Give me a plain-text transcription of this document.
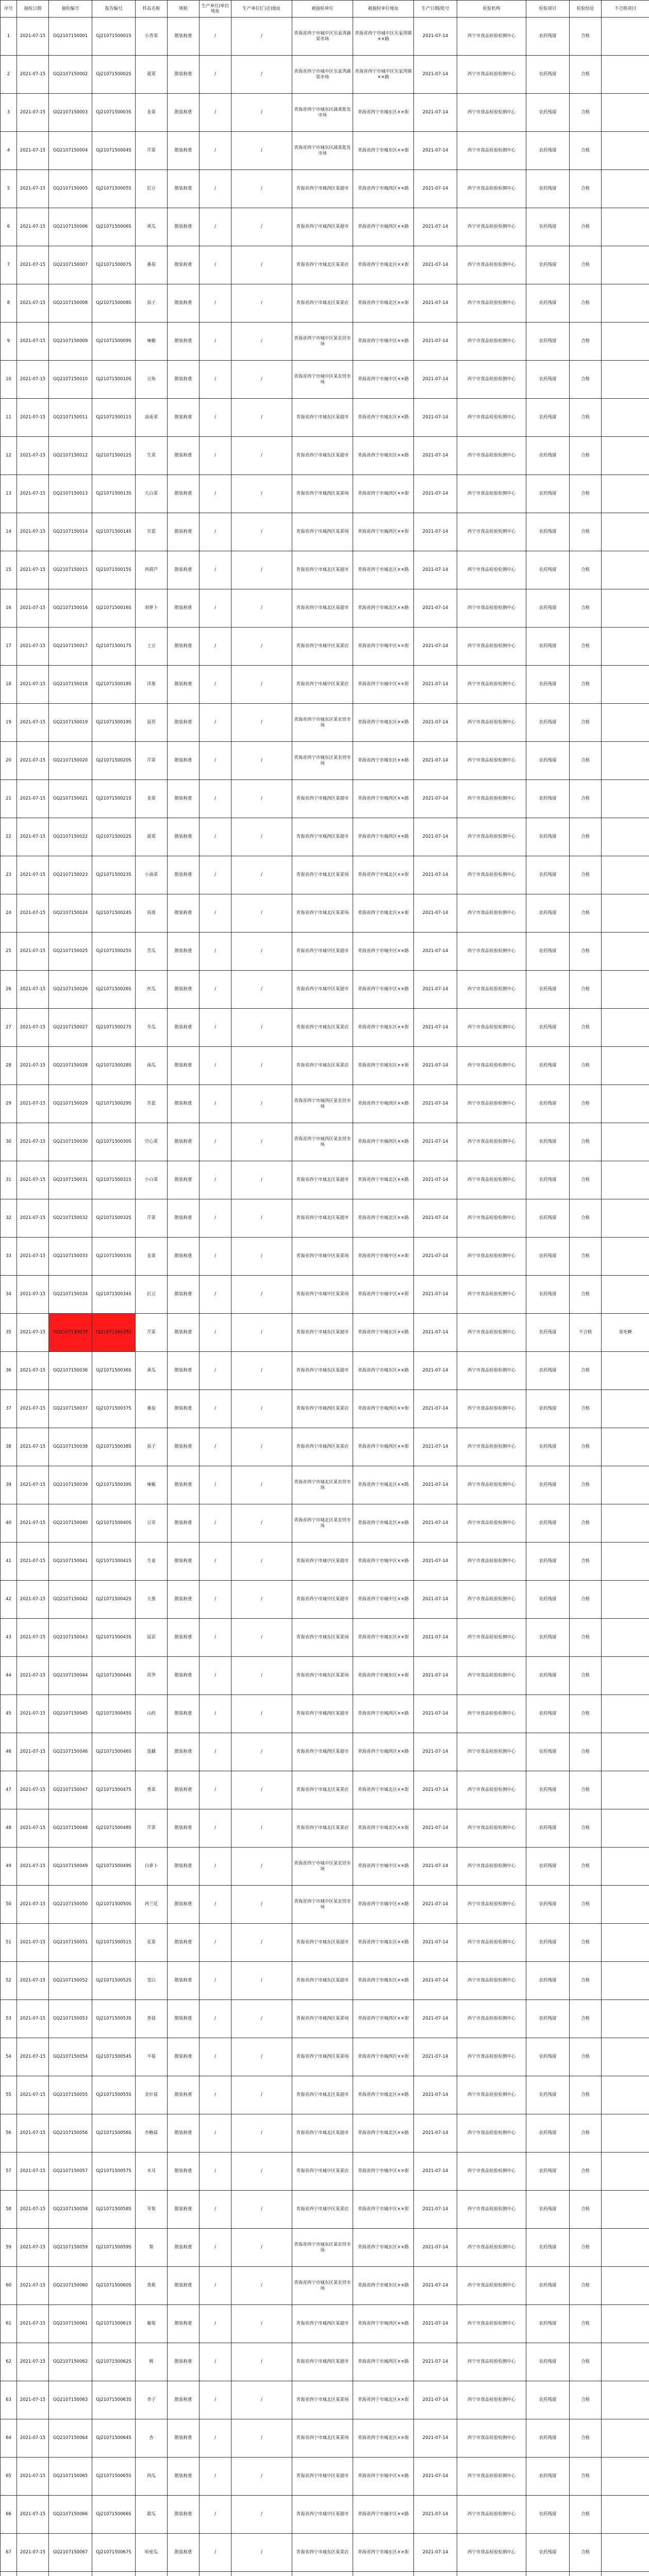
序号	抽检日期	抽检编号	报告编号	样品名称	规格	生产单位/单位地址	生产单位(门店)地址	被抽检单位	被抽检单位地址	生产日期/批号	检验机构	检验项目	检验结论	不合格项目
1	2021-07-15	GQ2107150001	GJ2107150001S	小青菜	散装称重	/	/	青海省西宁市城中区乐家湾蔬菜市场	青海省西宁市城中区乐家湾镇××路	2021-07-14	西宁市食品检验检测中心	农药残留	合格	
2	2021-07-15	GQ2107150002	GJ2107150002S	菠菜	散装称重	/	/	青海省西宁市城中区乐家湾蔬菜市场	青海省西宁市城中区乐家湾镇××路	2021-07-14	西宁市食品检验检测中心	农药残留	合格	
3	2021-07-15	GQ2107150003	GJ2107150003S	韭菜	散装称重	/	/	青海省西宁市城东区蔬菜批发市场	青海省西宁市城东区××街	2021-07-14	西宁市食品检验检测中心	农药残留	合格	
4	2021-07-15	GQ2107150004	GJ2107150004S	芹菜	散装称重	/	/	青海省西宁市城东区蔬菜批发市场	青海省西宁市城东区××街	2021-07-14	西宁市食品检验检测中心	农药残留	合格	
5	2021-07-15	GQ2107150005	GJ2107150005S	豇豆	散装称重	/	/	青海省西宁市城西区某超市	青海省西宁市城西区××路	2021-07-14	西宁市食品检验检测中心	农药残留	合格	
6	2021-07-15	GQ2107150006	GJ2107150006S	黄瓜	散装称重	/	/	青海省西宁市城西区某超市	青海省西宁市城西区××路	2021-07-14	西宁市食品检验检测中心	农药残留	合格	
7	2021-07-15	GQ2107150007	GJ2107150007S	番茄	散装称重	/	/	青海省西宁市城北区某菜店	青海省西宁市城北区××街	2021-07-14	西宁市食品检验检测中心	农药残留	合格	
8	2021-07-15	GQ2107150008	GJ2107150008S	茄子	散装称重	/	/	青海省西宁市城北区某菜店	青海省西宁市城北区××街	2021-07-14	西宁市食品检验检测中心	农药残留	合格	
9	2021-07-15	GQ2107150009	GJ2107150009S	辣椒	散装称重	/	/	青海省西宁市城中区某农贸市场	青海省西宁市城中区××路	2021-07-14	西宁市食品检验检测中心	农药残留	合格	
10	2021-07-15	GQ2107150010	GJ2107150010S	豆角	散装称重	/	/	青海省西宁市城中区某农贸市场	青海省西宁市城中区××路	2021-07-14	西宁市食品检验检测中心	农药残留	合格	
11	2021-07-15	GQ2107150011	GJ2107150011S	油麦菜	散装称重	/	/	青海省西宁市城东区某超市	青海省西宁市城东区××路	2021-07-14	西宁市食品检验检测中心	农药残留	合格	
12	2021-07-15	GQ2107150012	GJ2107150012S	生菜	散装称重	/	/	青海省西宁市城东区某超市	青海省西宁市城东区××路	2021-07-14	西宁市食品检验检测中心	农药残留	合格	
13	2021-07-15	GQ2107150013	GJ2107150013S	大白菜	散装称重	/	/	青海省西宁市城西区某菜场	青海省西宁市城西区××街	2021-07-14	西宁市食品检验检测中心	农药残留	合格	
14	2021-07-15	GQ2107150014	GJ2107150014S	甘蓝	散装称重	/	/	青海省西宁市城西区某菜场	青海省西宁市城西区××街	2021-07-14	西宁市食品检验检测中心	农药残留	合格	
15	2021-07-15	GQ2107150015	GJ2107150015S	西葫芦	散装称重	/	/	青海省西宁市城北区某超市	青海省西宁市城北区××路	2021-07-14	西宁市食品检验检测中心	农药残留	合格	
16	2021-07-15	GQ2107150016	GJ2107150016S	胡萝卜	散装称重	/	/	青海省西宁市城北区某超市	青海省西宁市城北区××路	2021-07-14	西宁市食品检验检测中心	农药残留	合格	
17	2021-07-15	GQ2107150017	GJ2107150017S	土豆	散装称重	/	/	青海省西宁市城中区某菜店	青海省西宁市城中区××街	2021-07-14	西宁市食品检验检测中心	农药残留	合格	
18	2021-07-15	GQ2107150018	GJ2107150018S	洋葱	散装称重	/	/	青海省西宁市城中区某菜店	青海省西宁市城中区××街	2021-07-14	西宁市食品检验检测中心	农药残留	合格	
19	2021-07-15	GQ2107150019	GJ2107150019S	蒜苔	散装称重	/	/	青海省西宁市城东区某农贸市场	青海省西宁市城东区××路	2021-07-14	西宁市食品检验检测中心	农药残留	合格	
20	2021-07-15	GQ2107150020	GJ2107150020S	芹菜	散装称重	/	/	青海省西宁市城东区某农贸市场	青海省西宁市城东区××路	2021-07-14	西宁市食品检验检测中心	农药残留	合格	
21	2021-07-15	GQ2107150021	GJ2107150021S	韭菜	散装称重	/	/	青海省西宁市城西区某超市	青海省西宁市城西区××路	2021-07-14	西宁市食品检验检测中心	农药残留	合格	
22	2021-07-15	GQ2107150022	GJ2107150022S	菠菜	散装称重	/	/	青海省西宁市城西区某超市	青海省西宁市城西区××路	2021-07-14	西宁市食品检验检测中心	农药残留	合格	
23	2021-07-15	GQ2107150023	GJ2107150023S	小油菜	散装称重	/	/	青海省西宁市城北区某菜场	青海省西宁市城北区××街	2021-07-14	西宁市食品检验检测中心	农药残留	合格	
24	2021-07-15	GQ2107150024	GJ2107150024S	茼蒿	散装称重	/	/	青海省西宁市城北区某菜场	青海省西宁市城北区××街	2021-07-14	西宁市食品检验检测中心	农药残留	合格	
25	2021-07-15	GQ2107150025	GJ2107150025S	苦瓜	散装称重	/	/	青海省西宁市城中区某超市	青海省西宁市城中区××路	2021-07-14	西宁市食品检验检测中心	农药残留	合格	
26	2021-07-15	GQ2107150026	GJ2107150026S	丝瓜	散装称重	/	/	青海省西宁市城中区某超市	青海省西宁市城中区××路	2021-07-14	西宁市食品检验检测中心	农药残留	合格	
27	2021-07-15	GQ2107150027	GJ2107150027S	冬瓜	散装称重	/	/	青海省西宁市城东区某菜店	青海省西宁市城东区××街	2021-07-14	西宁市食品检验检测中心	农药残留	合格	
28	2021-07-15	GQ2107150028	GJ2107150028S	南瓜	散装称重	/	/	青海省西宁市城东区某菜店	青海省西宁市城东区××街	2021-07-14	西宁市食品检验检测中心	农药残留	合格	
29	2021-07-15	GQ2107150029	GJ2107150029S	芥蓝	散装称重	/	/	青海省西宁市城西区某农贸市场	青海省西宁市城西区××路	2021-07-14	西宁市食品检验检测中心	农药残留	合格	
30	2021-07-15	GQ2107150030	GJ2107150030S	空心菜	散装称重	/	/	青海省西宁市城西区某农贸市场	青海省西宁市城西区××路	2021-07-14	西宁市食品检验检测中心	农药残留	合格	
31	2021-07-15	GQ2107150031	GJ2107150031S	小白菜	散装称重	/	/	青海省西宁市城北区某超市	青海省西宁市城北区××路	2021-07-14	西宁市食品检验检测中心	农药残留	合格	
32	2021-07-15	GQ2107150032	GJ2107150032S	芹菜	散装称重	/	/	青海省西宁市城北区某超市	青海省西宁市城北区××路	2021-07-14	西宁市食品检验检测中心	农药残留	合格	
33	2021-07-15	GQ2107150033	GJ2107150033S	韭菜	散装称重	/	/	青海省西宁市城中区某菜场	青海省西宁市城中区××街	2021-07-14	西宁市食品检验检测中心	农药残留	合格	
34	2021-07-15	GQ2107150034	GJ2107150034S	豇豆	散装称重	/	/	青海省西宁市城中区某菜场	青海省西宁市城中区××街	2021-07-14	西宁市食品检验检测中心	农药残留	合格	
35	2021-07-15	GQ2107150035	GJ2107150035S	芹菜	散装称重	/	/	青海省西宁市城东区某超市	青海省西宁市城东区××路	2021-07-14	西宁市食品检验检测中心	农药残留	不合格	毒死蜱
36	2021-07-15	GQ2107150036	GJ2107150036S	黄瓜	散装称重	/	/	青海省西宁市城东区某超市	青海省西宁市城东区××路	2021-07-14	西宁市食品检验检测中心	农药残留	合格	
37	2021-07-15	GQ2107150037	GJ2107150037S	番茄	散装称重	/	/	青海省西宁市城西区某菜店	青海省西宁市城西区××街	2021-07-14	西宁市食品检验检测中心	农药残留	合格	
38	2021-07-15	GQ2107150038	GJ2107150038S	茄子	散装称重	/	/	青海省西宁市城西区某菜店	青海省西宁市城西区××街	2021-07-14	西宁市食品检验检测中心	农药残留	合格	
39	2021-07-15	GQ2107150039	GJ2107150039S	辣椒	散装称重	/	/	青海省西宁市城北区某农贸市场	青海省西宁市城北区××路	2021-07-14	西宁市食品检验检测中心	农药残留	合格	
40	2021-07-15	GQ2107150040	GJ2107150040S	豆芽	散装称重	/	/	青海省西宁市城北区某农贸市场	青海省西宁市城北区××路	2021-07-14	西宁市食品检验检测中心	农药残留	合格	
41	2021-07-15	GQ2107150041	GJ2107150041S	生姜	散装称重	/	/	青海省西宁市城中区某超市	青海省西宁市城中区××路	2021-07-14	西宁市食品检验检测中心	农药残留	合格	
42	2021-07-15	GQ2107150042	GJ2107150042S	大葱	散装称重	/	/	青海省西宁市城中区某超市	青海省西宁市城中区××路	2021-07-14	西宁市食品检验检测中心	农药残留	合格	
43	2021-07-15	GQ2107150043	GJ2107150043S	蒜苗	散装称重	/	/	青海省西宁市城东区某菜场	青海省西宁市城东区××街	2021-07-14	西宁市食品检验检测中心	农药残留	合格	
44	2021-07-15	GQ2107150044	GJ2107150044S	莴笋	散装称重	/	/	青海省西宁市城东区某菜场	青海省西宁市城东区××街	2021-07-14	西宁市食品检验检测中心	农药残留	合格	
45	2021-07-15	GQ2107150045	GJ2107150045S	山药	散装称重	/	/	青海省西宁市城西区某超市	青海省西宁市城西区××路	2021-07-14	西宁市食品检验检测中心	农药残留	合格	
46	2021-07-15	GQ2107150046	GJ2107150046S	莲藕	散装称重	/	/	青海省西宁市城西区某超市	青海省西宁市城西区××路	2021-07-14	西宁市食品检验检测中心	农药残留	合格	
47	2021-07-15	GQ2107150047	GJ2107150047S	香菜	散装称重	/	/	青海省西宁市城北区某菜店	青海省西宁市城北区××街	2021-07-14	西宁市食品检验检测中心	农药残留	合格	
48	2021-07-15	GQ2107150048	GJ2107150048S	芹菜	散装称重	/	/	青海省西宁市城北区某菜店	青海省西宁市城北区××街	2021-07-14	西宁市食品检验检测中心	农药残留	合格	
49	2021-07-15	GQ2107150049	GJ2107150049S	白萝卜	散装称重	/	/	青海省西宁市城中区某农贸市场	青海省西宁市城中区××路	2021-07-14	西宁市食品检验检测中心	农药残留	合格	
50	2021-07-15	GQ2107150050	GJ2107150050S	西兰花	散装称重	/	/	青海省西宁市城中区某农贸市场	青海省西宁市城中区××路	2021-07-14	西宁市食品检验检测中心	农药残留	合格	
51	2021-07-15	GQ2107150051	GJ2107150051S	花菜	散装称重	/	/	青海省西宁市城东区某超市	青海省西宁市城东区××路	2021-07-14	西宁市食品检验检测中心	农药残留	合格	
52	2021-07-15	GQ2107150052	GJ2107150052S	茭白	散装称重	/	/	青海省西宁市城东区某超市	青海省西宁市城东区××路	2021-07-14	西宁市食品检验检测中心	农药残留	合格	
53	2021-07-15	GQ2107150053	GJ2107150053S	香菇	散装称重	/	/	青海省西宁市城西区某菜场	青海省西宁市城西区××街	2021-07-14	西宁市食品检验检测中心	农药残留	合格	
54	2021-07-15	GQ2107150054	GJ2107150054S	平菇	散装称重	/	/	青海省西宁市城西区某菜场	青海省西宁市城西区××街	2021-07-14	西宁市食品检验检测中心	农药残留	合格	
55	2021-07-15	GQ2107150055	GJ2107150055S	金针菇	散装称重	/	/	青海省西宁市城北区某超市	青海省西宁市城北区××路	2021-07-14	西宁市食品检验检测中心	农药残留	合格	
56	2021-07-15	GQ2107150056	GJ2107150056S	杏鲍菇	散装称重	/	/	青海省西宁市城北区某超市	青海省西宁市城北区××路	2021-07-14	西宁市食品检验检测中心	农药残留	合格	
57	2021-07-15	GQ2107150057	GJ2107150057S	木耳	散装称重	/	/	青海省西宁市城中区某菜店	青海省西宁市城中区××街	2021-07-14	西宁市食品检验检测中心	农药残留	合格	
58	2021-07-15	GQ2107150058	GJ2107150058S	苹果	散装称重	/	/	青海省西宁市城中区某菜店	青海省西宁市城中区××街	2021-07-14	西宁市食品检验检测中心	农药残留	合格	
59	2021-07-15	GQ2107150059	GJ2107150059S	梨	散装称重	/	/	青海省西宁市城东区某农贸市场	青海省西宁市城东区××路	2021-07-14	西宁市食品检验检测中心	农药残留	合格	
60	2021-07-15	GQ2107150060	GJ2107150060S	香蕉	散装称重	/	/	青海省西宁市城东区某农贸市场	青海省西宁市城东区××路	2021-07-14	西宁市食品检验检测中心	农药残留	合格	
61	2021-07-15	GQ2107150061	GJ2107150061S	葡萄	散装称重	/	/	青海省西宁市城西区某超市	青海省西宁市城西区××路	2021-07-14	西宁市食品检验检测中心	农药残留	合格	
62	2021-07-15	GQ2107150062	GJ2107150062S	桃	散装称重	/	/	青海省西宁市城西区某超市	青海省西宁市城西区××路	2021-07-14	西宁市食品检验检测中心	农药残留	合格	
63	2021-07-15	GQ2107150063	GJ2107150063S	李子	散装称重	/	/	青海省西宁市城北区某菜场	青海省西宁市城北区××街	2021-07-14	西宁市食品检验检测中心	农药残留	合格	
64	2021-07-15	GQ2107150064	GJ2107150064S	杏	散装称重	/	/	青海省西宁市城北区某菜场	青海省西宁市城北区××街	2021-07-14	西宁市食品检验检测中心	农药残留	合格	
65	2021-07-15	GQ2107150065	GJ2107150065S	西瓜	散装称重	/	/	青海省西宁市城中区某超市	青海省西宁市城中区××路	2021-07-14	西宁市食品检验检测中心	农药残留	合格	
66	2021-07-15	GQ2107150066	GJ2107150066S	甜瓜	散装称重	/	/	青海省西宁市城中区某超市	青海省西宁市城中区××路	2021-07-14	西宁市食品检验检测中心	农药残留	合格	
67	2021-07-15	GQ2107150067	GJ2107150067S	哈密瓜	散装称重	/	/	青海省西宁市城东区某菜店	青海省西宁市城东区××街	2021-07-14	西宁市食品检验检测中心	农药残留	合格	
